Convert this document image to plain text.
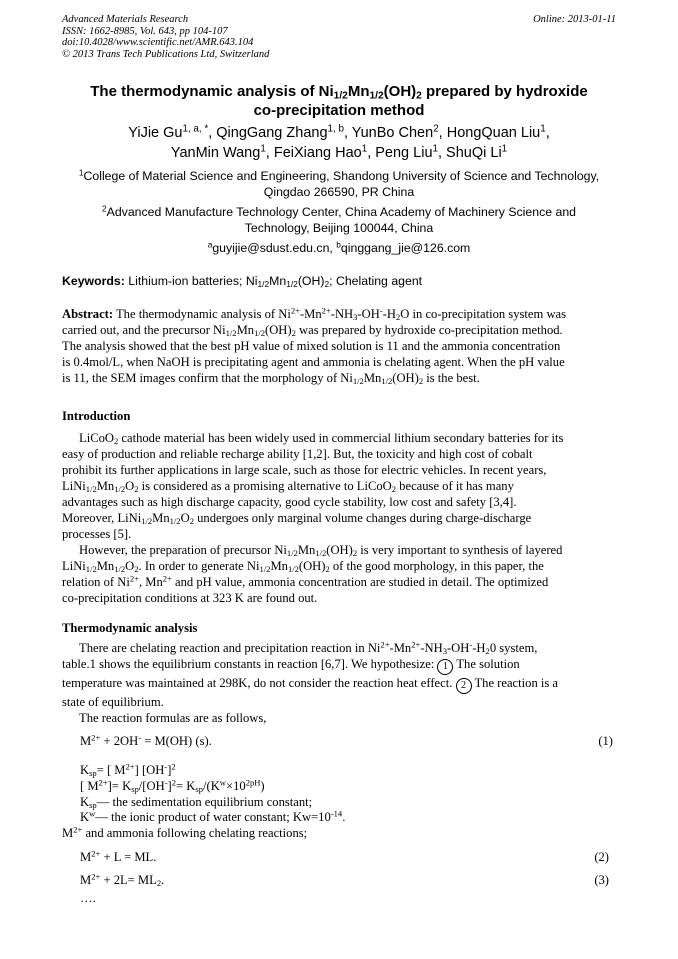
Advanced Materials Research
ISSN: 1662-8985, Vol. 643, pp 104-107
doi:10.4028/www.scientific.net/AMR.643.104
© 2013 Trans Tech Publications Ltd, Switzerland
Online: 2013-01-11
The thermodynamic analysis of $Ni_{1/2}Mn_{1/2}(OH)_2$ prepared by hydroxide
co-precipitation method
YiJie $Gu^{1, a, *}$, QingGang Zhang$^{1, b}$, YunBo Chen$^2$, HongQuan Liu$^1$,
YanMin Wang$^1$, FeiXiang Hao$^1$, Peng Liu$^1$, ShuQi Li$^1$
$^1$College of Material Science and Engineering, Shandong University of Science and Technology,
Qingdao 266590, PR China
$^2$Advanced Manufacture Technology Center, China Academy of Machinery Science and
Technology, Beijing 100044, China
$^a$guyijie@sdust.edu.cn, $^b$qinggang_jie@126.com
Keywords: Lithium-ion batteries; $Ni_{1/2}Mn_{1/2}(OH)_2$; Chelating agent
Abstract: The thermodynamic analysis of $Ni^{2+}-Mn^{2+}-NH_3-OH^--H_2O$ in co-precipitation system was
carried out, and the precursor $Ni_{1/2}Mn_{1/2}(OH)_2$ was prepared by hydroxide co-precipitation method.
The analysis showed that the best pH value of mixed solution is 11 and the ammonia concentration
is 0.4mol/L, when NaOH is precipitating agent and ammonia is chelating agent. When the pH value
is 11, the SEM images confirm that the morphology of $Ni_{1/2}Mn_{1/2}(OH)_2$ is the best.
Introduction
LiCoO$_2$ cathode material has been widely used in commercial lithium secondary batteries for its
easy of production and reliable recharge ability [1,2]. But, the toxicity and high cost of cobalt
prohibit its further applications in large scale, such as those for electric vehicles. In recent years,
$LiNi_{1/2}Mn_{1/2}O_2$ is considered as a promising alternative to LiCoO$_2$ because of it has many
advantages such as high discharge capacity, good cycle stability, low cost and safety [3,4].
Moreover, $LiNi_{1/2}Mn_{1/2}O_2$ undergoes only marginal volume changes during charge-discharge
processes [5].
However, the preparation of precursor $Ni_{1/2}Mn_{1/2}(OH)_2$ is very important to synthesis of layered
$LiNi_{1/2}Mn_{1/2}O_2$. In order to generate $Ni_{1/2}Mn_{1/2}(OH)_2$ of the good morphology, in this paper, the
relation of $Ni^{2+}$, $Mn^{2+}$ and pH value, ammonia concentration are studied in detail. The optimized
co-precipitation conditions at 323 K are found out.
Thermodynamic analysis
There are chelating reaction and precipitation reaction in $Ni^{2+}-Mn^{2+}-NH_3-OH^--H_20$ system,
table.1 shows the equilibrium constants in reaction [6,7]. We hypothesize: 1 The solution
temperature was maintained at 298K, do not consider the reaction heat effect. 2 The reaction is a
state of equilibrium.
The reaction formulas are as follows,
$M^{2+} + 2OH^- = M(OH)$ (s).	(1)
$K_{sp}=$ [ $M^{2+}$] $[OH^-]^2$
[ $M^{2+}]= K_{sp}/[OH^-]^2= K_{sp}/(K^w\times 10^{2pH})$
$K_{sp}—$ the sedimentation equilibrium constant;
$K^w—$ the ionic product of water constant; $Kw=10^{-14}$.
$M^{2+}$ and ammonia following chelating reactions;
$M^{2+} + L$ = ML.	(2)
$M^{2+} + 2L= ML_2$.	(3)
….
